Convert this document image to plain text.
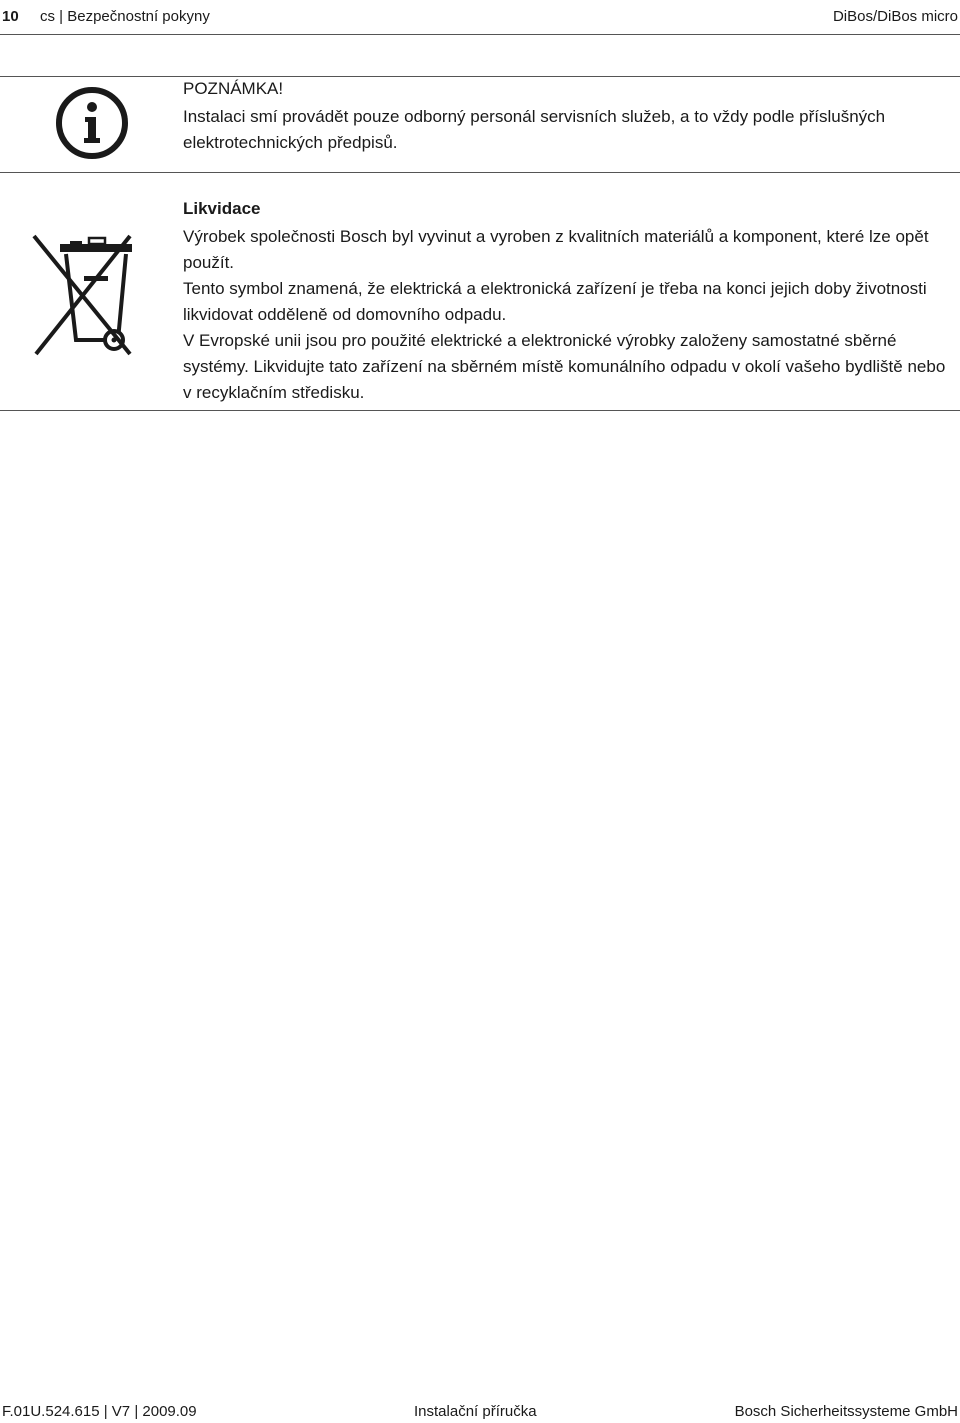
10 cs | Bezpečnostní pokyny	DiBos/DiBos micro
POZNÁMKA!
Instalaci smí provádět pouze odborný personál servisních služeb, a to vždy podle příslušných elektrotechnických předpisů.
Likvidace

Výrobek společnosti Bosch byl vyvinut a vyroben z kvalitních materiálů a komponent, které lze opět použít.

Tento symbol znamená, že elektrická a elektronická zařízení je třeba na konci jejich doby životnosti likvidovat odděleně od domovního odpadu.

V Evropské unii jsou pro použité elektrické a elektronické výrobky založeny samostatné sběrné systémy. Likvidujte tato zařízení na sběrném místě komunálního odpadu v okolí vašeho bydliště nebo v recyklačním středisku.

F.01U.524.615 | V7 | 2009.09	Instalační příručka	Bosch Sicherheitssysteme GmbH
